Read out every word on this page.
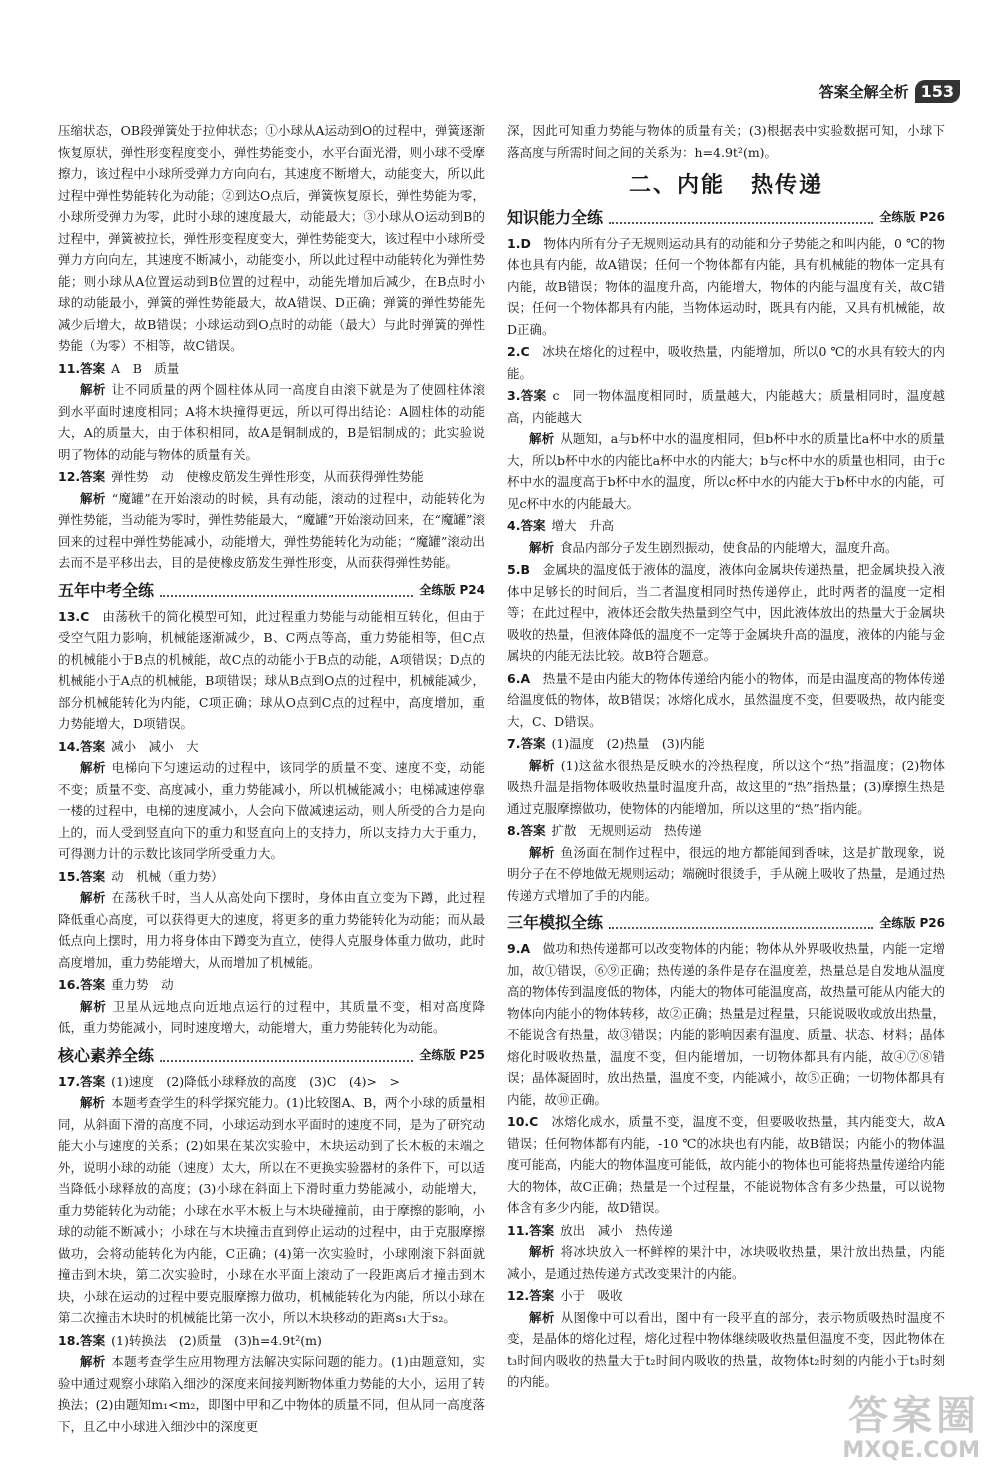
答案全解全析 153

压缩状态，OB段弹簧处于拉伸状态；①小球从A运动到O的过程中，弹簧逐渐恢复原状，弹性形变程度变小，弹性势能变小，水平台面光滑，则小球不受摩擦力，该过程中小球所受弹力方向向右，其速度不断增大，动能变大，所以此过程中弹性势能转化为动能；②到达O点后，弹簧恢复原长，弹性势能为零，小球所受弹力为零，此时小球的速度最大，动能最大；③小球从O运动到B的过程中，弹簧被拉长，弹性形变程度变大，弹性势能变大，该过程中小球所受弹力方向向左，其速度不断减小，动能变小，所以此过程中动能转化为弹性势能；则小球从A位置运动到B位置的过程中，动能先增加后减少，在B点时小球的动能最小，弹簧的弹性势能最大，故A错误、D正确；弹簧的弹性势能先减少后增大，故B错误；小球运动到O点时的动能（最大）与此时弹簧的弹性势能（为零）不相等，故C错误。

11.答案 A　B　质量
解析 让不同质量的两个圆柱体从同一高度自由滚下就是为了使圆柱体滚到水平面时速度相同；A将木块撞得更远，所以可得出结论：A圆柱体的动能大，A的质量大，由于体积相同，故A是铜制成的，B是铝制成的；此实验说明了物体的动能与物体的质量有关。

12.答案 弹性势　动　使橡皮筋发生弹性形变，从而获得弹性势能
解析 “魔罐”在开始滚动的时候，具有动能，滚动的过程中，动能转化为弹性势能，当动能为零时，弹性势能最大，“魔罐”开始滚动回来，在“魔罐”滚回来的过程中弹性势能减小，动能增大，弹性势能转化为动能；“魔罐”滚动出去而不是平移出去，目的是使橡皮筋发生弹性形变，从而获得弹性势能。

五年中考全练	全练版 P24

13.C　 由荡秋千的简化模型可知，此过程重力势能与动能相互转化，但由于受空气阻力影响，机械能逐渐减少，B、C两点等高，重力势能相等，但C点的机械能小于B点的机械能，故C点的动能小于B点的动能，A项错误；D点的机械能小于A点的机械能，B项错误；球从B点到O点的过程中，机械能减少，部分机械能转化为内能，C项正确；球从O点到C点的过程中，高度增加，重力势能增大，D项错误。

14.答案 减小　减小　大
解析 电梯向下匀速运动的过程中，该同学的质量不变、速度不变，动能不变；质量不变、高度减小，重力势能减小，所以机械能减小；电梯减速停靠一楼的过程中，电梯的速度减小，人会向下做减速运动，则人所受的合力是向上的，而人受到竖直向下的重力和竖直向上的支持力，所以支持力大于重力，可得测力计的示数比该同学所受重力大。

15.答案 动　机械（重力势）
解析 在荡秋千时，当人从高处向下摆时，身体由直立变为下蹲，此过程降低重心高度，可以获得更大的速度，将更多的重力势能转化为动能；而从最低点向上摆时，用力将身体由下蹲变为直立，使得人克服身体重力做功，此时高度增加，重力势能增大，从而增加了机械能。

16.答案 重力势　动
解析 卫星从远地点向近地点运行的过程中，其质量不变，相对高度降低，重力势能减小，同时速度增大，动能增大，重力势能转化为动能。

核心素养全练	全练版 P25

17.答案 (1)速度　(2)降低小球释放的高度　(3)C　(4)>　>
解析 本题考查学生的科学探究能力。(1)比较图A、B，两个小球的质量相同，从斜面下滑的高度不同，小球运动到水平面时的速度不同，是为了研究动能大小与速度的关系；(2)如果在某次实验中，木块运动到了长木板的末端之外，说明小球的动能（速度）太大，所以在不更换实验器材的条件下，可以适当降低小球释放的高度；(3)小球在斜面上下滑时重力势能减小，动能增大，重力势能转化为动能；小球在水平木板上与木块碰撞前，由于摩擦的影响，小球的动能不断减小；小球在与木块撞击直到停止运动的过程中，由于克服摩擦做功，会将动能转化为内能，C正确；(4)第一次实验时，小球刚滚下斜面就撞击到木块，第二次实验时，小球在水平面上滚动了一段距离后才撞击到木块，小球在运动的过程中要克服摩擦力做功，机械能转化为内能，所以小球在第二次撞击木块时的机械能比第一次小，所以木块移动的距离s₁大于s₂。

18.答案 (1)转换法　(2)质量　(3)h=4.9t²(m)
解析 本题考查学生应用物理方法解决实际问题的能力。(1)由题意知，实验中通过观察小球陷入细沙的深度来间接判断物体重力势能的大小，运用了转换法；(2)由题知m₁<m₂，即图中甲和乙中物体的质量不同，但从同一高度落下，且乙中小球进入细沙中的深度更

深，因此可知重力势能与物体的质量有关；(3)根据表中实验数据可知，小球下落高度与所需时间之间的关系为：h=4.9t²(m)。

二、内能 热传递
知识能力全练	全练版 P26

1.D　 物体内所有分子无规则运动具有的动能和分子势能之和叫内能，0 ℃的物体也具有内能，故A错误；任何一个物体都有内能，具有机械能的物体一定具有内能，故B错误；物体的温度升高，内能增大，物体的内能与温度有关，故C错误；任何一个物体都具有内能，当物体运动时，既具有内能，又具有机械能，故D正确。

2.C　 冰块在熔化的过程中，吸收热量，内能增加，所以0 ℃的水具有较大的内能。

3.答案 c　同一物体温度相同时，质量越大，内能越大；质量相同时，温度越高，内能越大
解析 从题知，a与b杯中水的温度相同，但b杯中水的质量比a杯中水的质量大，所以b杯中水的内能比a杯中水的内能大；b与c杯中水的质量也相同，由于c杯中水的温度高于b杯中水的温度，所以c杯中水的内能大于b杯中水的内能，可见c杯中水的内能最大。

4.答案 增大　升高
解析 食品内部分子发生剧烈振动，使食品的内能增大，温度升高。

5.B　 金属块的温度低于液体的温度，液体向金属块传递热量，把金属块投入液体中足够长的时间后，当二者温度相同时热传递停止，此时两者的温度一定相等；在此过程中，液体还会散失热量到空气中，因此液体放出的热量大于金属块吸收的热量，但液体降低的温度不一定等于金属块升高的温度，液体的内能与金属块的内能无法比较。故B符合题意。

6.A　 热量不是由内能大的物体传递给内能小的物体，而是由温度高的物体传递给温度低的物体，故B错误；冰熔化成水，虽然温度不变，但要吸热，故内能变大，C、D错误。

7.答案 (1)温度　(2)热量　(3)内能
解析 (1)这盆水很热是反映水的冷热程度，所以这个“热”指温度；(2)物体吸热升温是指物体吸收热量时温度升高，故这里的“热”指热量；(3)摩擦生热是通过克服摩擦做功，使物体的内能增加，所以这里的“热”指内能。

8.答案 扩散　无规则运动　热传递
解析 鱼汤面在制作过程中，很远的地方都能闻到香味，这是扩散现象，说明分子在不停地做无规则运动；端碗时很烫手，手从碗上吸收了热量，是通过热传递方式增加了手的内能。

三年模拟全练	全练版 P26

9.A　 做功和热传递都可以改变物体的内能；物体从外界吸收热量，内能一定增加，故①错误，⑥⑨正确；热传递的条件是存在温度差，热量总是自发地从温度高的物体传到温度低的物体，内能大的物体可能温度高，故热量可能从内能大的物体向内能小的物体转移，故②正确；热量是过程量，只能说吸收或放出热量，不能说含有热量，故③错误；内能的影响因素有温度、质量、状态、材料；晶体熔化时吸收热量，温度不变，但内能增加，一切物体都具有内能，故④⑦⑧错误；晶体凝固时，放出热量，温度不变，内能减小，故⑤正确；一切物体都具有内能，故⑩正确。

10.C　 冰熔化成水，质量不变，温度不变，但要吸收热量，其内能变大，故A错误；任何物体都有内能，-10 ℃的冰块也有内能，故B错误；内能小的物体温度可能高，内能大的物体温度可能低，故内能小的物体也可能将热量传递给内能大的物体，故C正确；热量是一个过程量，不能说物体含有多少热量，可以说物体含有多少内能，故D错误。

11.答案 放出　减小　热传递
解析 将冰块放入一杯鲜榨的果汁中，冰块吸收热量，果汁放出热量，内能减小，是通过热传递方式改变果汁的内能。

12.答案 小于　吸收
解析 从图像中可以看出，图中有一段平直的部分，表示物质吸热时温度不变，是晶体的熔化过程，熔化过程中物体继续吸收热量但温度不变，因此物体在t₃时间内吸收的热量大于t₂时间内吸收的热量，故物体t₂时刻的内能小于t₃时刻的内能。

答案圈
MXQE.COM
